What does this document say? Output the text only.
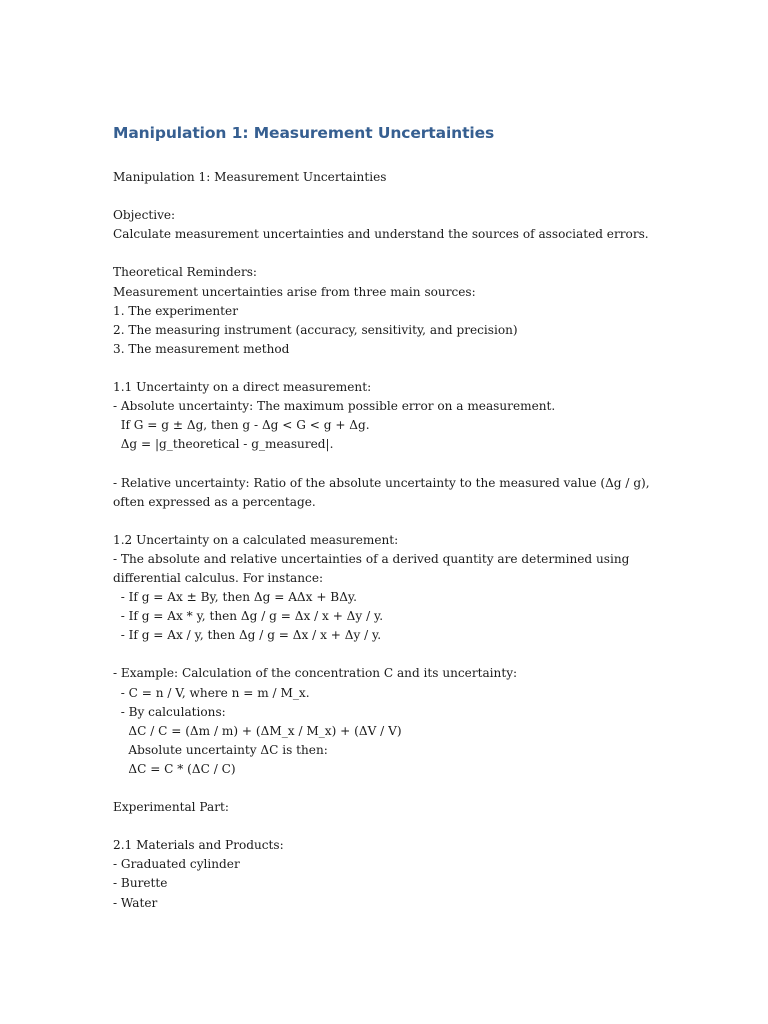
Manipulation 1: Measurement Uncertainties
Manipulation 1: Measurement Uncertainties
Objective:
Calculate measurement uncertainties and understand the sources of associated errors.
Theoretical Reminders:
Measurement uncertainties arise from three main sources:
1. The experimenter
2. The measuring instrument (accuracy, sensitivity, and precision)
3. The measurement method
1.1 Uncertainty on a direct measurement:
- Absolute uncertainty: The maximum possible error on a measurement.
If G = g ± Δg, then g - Δg < G < g + Δg.
Δg = |g_theoretical - g_measured|.
- Relative uncertainty: Ratio of the absolute uncertainty to the measured value (Δg / g),
often expressed as a percentage.
1.2 Uncertainty on a calculated measurement:
- The absolute and relative uncertainties of a derived quantity are determined using
differential calculus. For instance:
- If g = Ax ± By, then Δg = AΔx + BΔy.
- If g = Ax * y, then Δg / g = Δx / x + Δy / y.
- If g = Ax / y, then Δg / g = Δx / x + Δy / y.
- Example: Calculation of the concentration C and its uncertainty:
- C = n / V, where n = m / M_x.
- By calculations:
ΔC / C = (Δm / m) + (ΔM_x / M_x) + (ΔV / V)
Absolute uncertainty ΔC is then:
ΔC = C * (ΔC / C)
Experimental Part:
2.1 Materials and Products:
- Graduated cylinder
- Burette
- Water
